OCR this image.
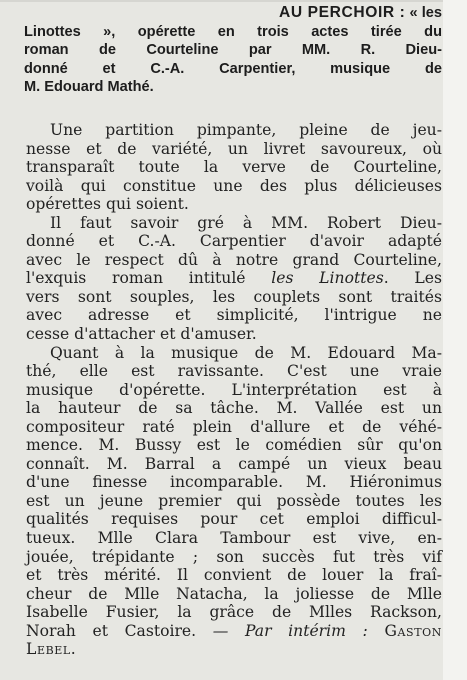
AU PERCHOIR : « les
Linottes », opérette en trois actes tirée du
roman de Courteline par MM. R. Dieu-
donné et C.-A. Carpentier, musique de
M. Edouard Mathé.
Une partition pimpante, pleine de jeu-
nesse et de variété, un livret savoureux, où
transparaît toute la verve de Courteline,
voilà qui constitue une des plus délicieuses
opérettes qui soient.
Il faut savoir gré à MM. Robert Dieu-
donné et C.-A. Carpentier d'avoir adapté
avec le respect dû à notre grand Courteline,
l'exquis roman intitulé les Linottes. Les
vers sont souples, les couplets sont traités
avec adresse et simplicité, l'intrigue ne
cesse d'attacher et d'amuser.
Quant à la musique de M. Edouard Ma-
thé, elle est ravissante. C'est une vraie
musique d'opérette. L'interprétation est à
la hauteur de sa tâche. M. Vallée est un
compositeur raté plein d'allure et de véhé-
mence. M. Bussy est le comédien sûr qu'on
connaît. M. Barral a campé un vieux beau
d'une finesse incomparable. M. Hiéronimus
est un jeune premier qui possède toutes les
qualités requises pour cet emploi difficul-
tueux. Mlle Clara Tambour est vive, en-
jouée, trépidante ; son succès fut très vif
et très mérité. Il convient de louer la fraî-
cheur de Mlle Natacha, la joliesse de Mlle
Isabelle Fusier, la grâce de Mlles Rackson,
Norah et Castoire. — Par intérim : Gaston
Lebel.
